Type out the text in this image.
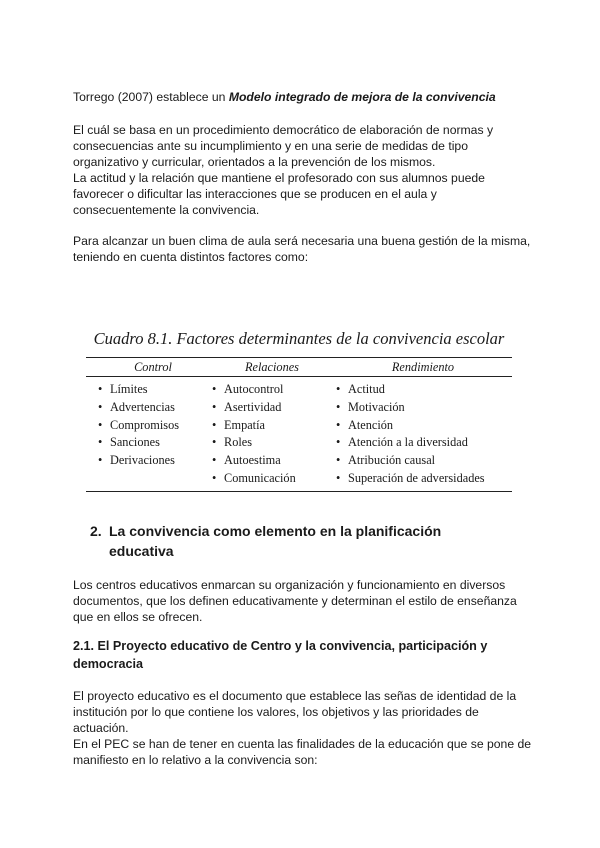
Torrego (2007) establece un Modelo integrado de mejora de la convivencia

El cuál se basa en un procedimiento democrático de elaboración de normas y
consecuencias ante su incumplimiento y en una serie de medidas de tipo
organizativo y curricular, orientados a la prevención de los mismos.
La actitud y la relación que mantiene el profesorado con sus alumnos puede
favorecer o dificultar las interacciones que se producen en el aula y
consecuentemente la convivencia.

Para alcanzar un buen clima de aula será necesaria una buena gestión de la misma,
teniendo en cuenta distintos factores como:

Cuadro 8.1. Factores determinantes de la convivencia escolar
Control	Relaciones	Rendimiento
• Límites
• Advertencias
• Compromisos
• Sanciones
• Derivaciones
• Autocontrol
• Asertividad
• Empatía
• Roles
• Autoestima
• Comunicación
• Actitud
• Motivación
• Atención
• Atención a la diversidad
• Atribución causal
• Superación de adversidades
2. La convivencia como elemento en la planificación
educativa

Los centros educativos enmarcan su organización y funcionamiento en diversos
documentos, que los definen educativamente y determinan el estilo de enseñanza
que en ellos se ofrecen.

2.1. El Proyecto educativo de Centro y la convivencia, participación y
democracia

El proyecto educativo es el documento que establece las señas de identidad de la
institución por lo que contiene los valores, los objetivos y las prioridades de
actuación.
En el PEC se han de tener en cuenta las finalidades de la educación que se pone de
manifiesto en lo relativo a la convivencia son:
